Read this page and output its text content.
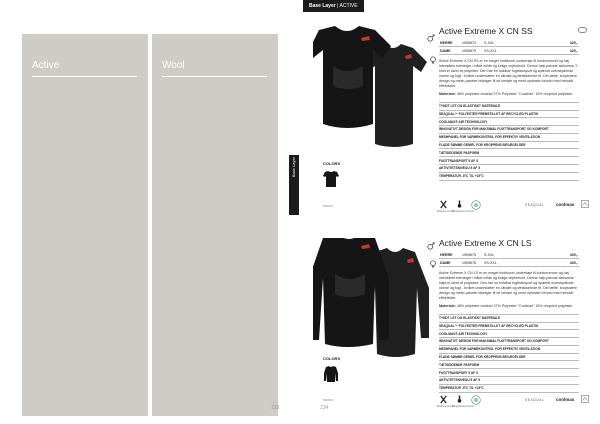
Active	Wool
133
Base Layer | ACTIVE
Base Layer
134
COLORS
999000
Active Extreme X CN SS
HERRE	1909673	S-XXL	325,-
DAME	1909679	XS-XXL	325,-
Active Extreme X CN SS er en meget funktionel undertrøje til konkurrencer og høj intensitets træninger i både milde og kolige vejrforhold. Denne højt-ydende aktivwear-T-shirt er lavet af polyester. Den har en holdbar fugttransport og spændt overskydende varme og fugt - hvilket understøtter en ultralet og tætsiddende fit. Det tætte, kropsnære design og mesh-paneler bidrager til de bedste og mest optimale forhold med beholdt effektivitet.
Materiale: 48% polyester Ixodrad 37% Polyester "Coolmax" 15% recycled polyester
TYNDT LET OG ELASTISKT MATERIALE
SEAQUAL™ FOLYESTER FREMSTILLET AF RECYCLED PLASTIK
COOLMAX® AIR TECHNOLOGY
INNOVATIVT DESIGN FOR MAKSIMAL FUGTTRANSPORT OG KOMFORT
MESHPANEL FOR VARMEKONTROL FOR EFFEKTIV VENTILATION
FLADE SØMME GENIEL FOR KROPPENS BEVÆGELSER
TÆTSIDDENDE PASFORM
FUGTTRANSPORT 5 AF 5
AKTIVITETSNIVEAU 5 AF 5
TEMPERATUR -5°C TIL +15°C
Moisture Control
Temperature Control
SEAQUAL	coolmax
COLORS
999000
Active Extreme X CN LS
HERRE	1909675	S-XXL	400,-
DAME	1909676	XS-XXL	400,-
Active Extreme X CN LS er en meget funktionel undertrøje til konkurrencer og høj intensitets træninger i både milde og kolige vejrforhold. Denne højt-ydende aktivwear trøje er lavet af polyester. Den har en holdbar fugttransport og spændt overskydende varme og fugt - hvilket understøtter en ultralet og tætsiddende fit. Det tætte, kropsnære design og mesh-paneler bidrager til de bedste og mest optimale forhold med beholdt effektivitet.
Materiale: 48% polyester Ixodrad 37% Polyester "Coolmax" 15% recycled polyester
TYNDT LET OG ELASTISKT MATERIALE
SEAQUAL™ FOLYESTER FREMSTILLET AF RECYCLED PLASTIK
COOLMAX® AIR TECHNOLOGY
INNOVATIVT DESIGN FOR MAKSIMAL FUGTTRANSPORT OG KOMFORT
MESHPANEL FOR VARMEKONTROL FOR EFFEKTIV VENTILATION
FLADE SØMME GENIEL FOR KROPPENS BEVÆGELSER
TÆTSIDDENDE PASFORM
FUGTTRANSPORT 5 AF 5
AKTIVITETSNIVEAU 5 AF 5
TEMPERATUR -5°C TIL +15°C
Moisture Control
Temperature Control
SEAQUAL	coolmax
